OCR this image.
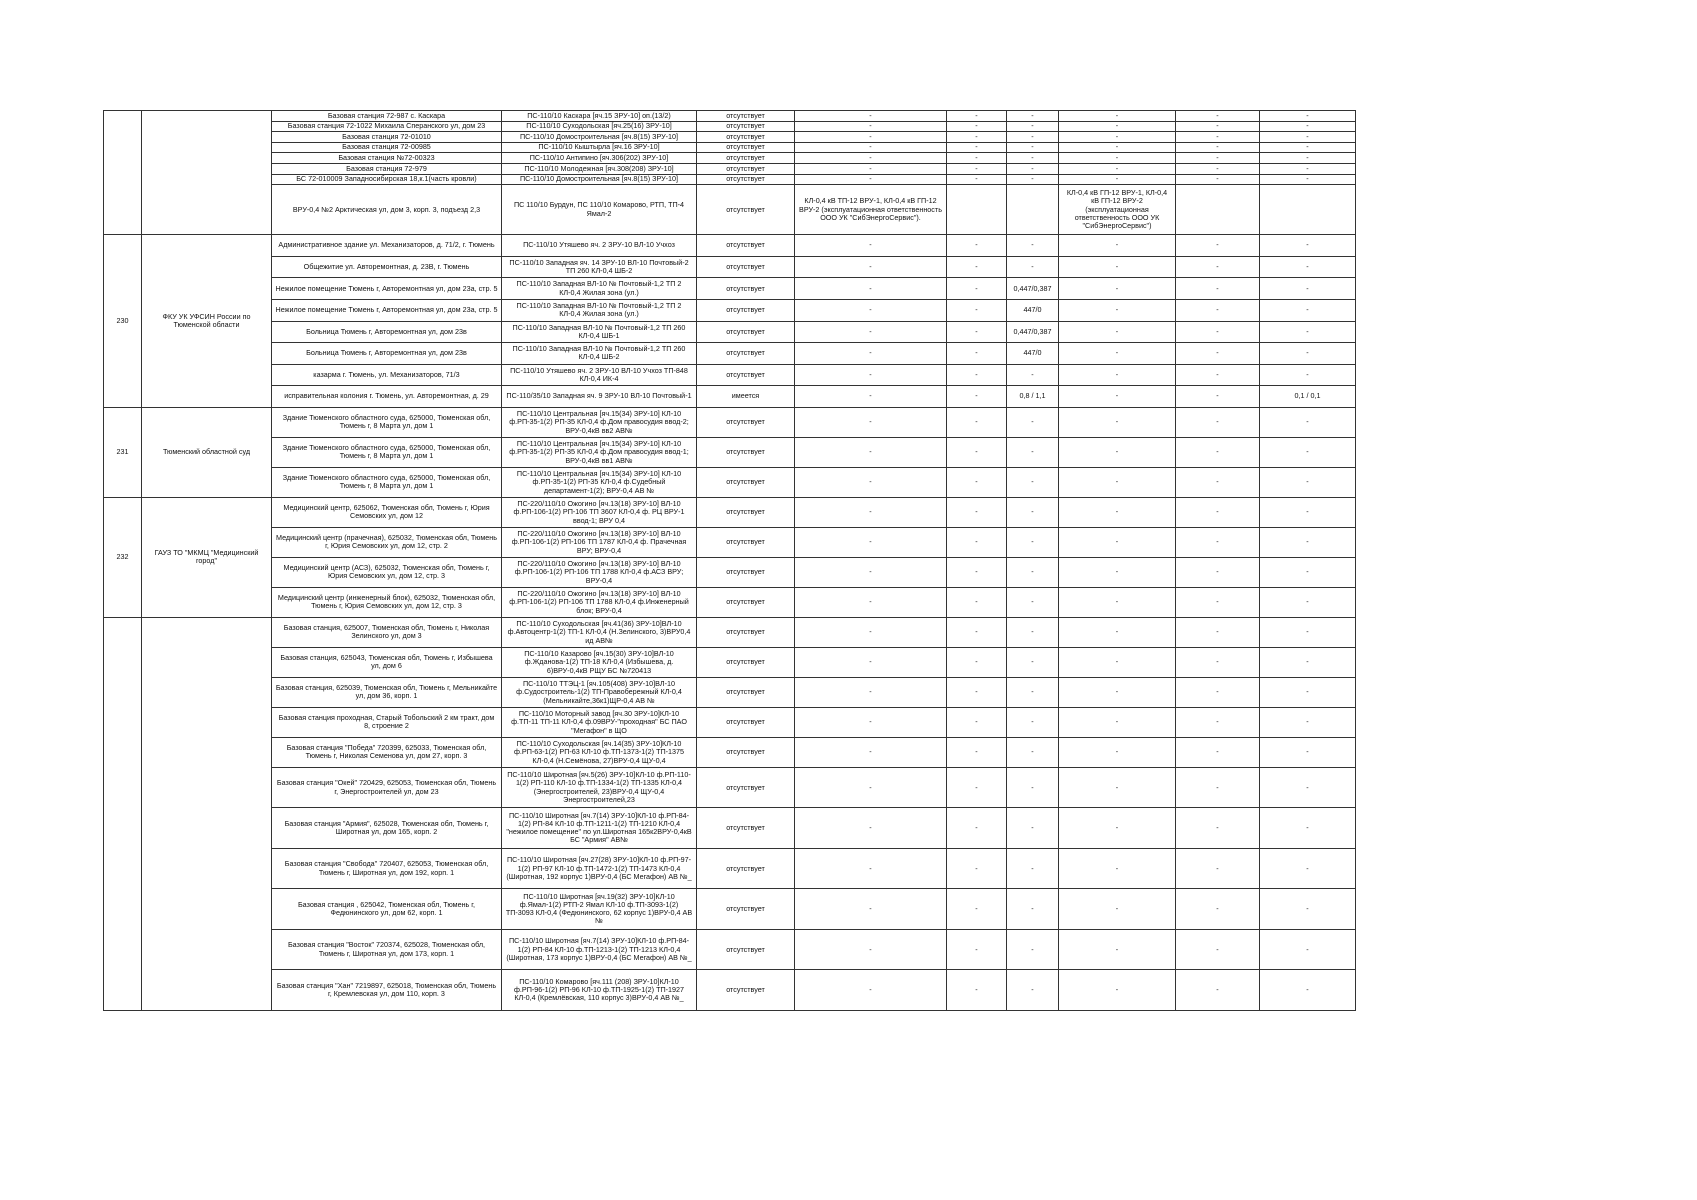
		Базовая станция 72-987 с. Каскара	ПС-110/10 Каскара [яч.15 ЗРУ-10] оп.(13/2)	отсутствует	-	-	-	-	-	-
		Базовая станция 72-1022 Михаила Сперанского ул, дом 23	ПС-110/10 Суходольская [яч.25(16) ЗРУ-10]	отсутствует	-	-	-	-	-	-
		Базовая станция 72-01010	ПС-110/10 Домостроительная [яч.8(15) ЗРУ-10]	отсутствует	-	-	-	-	-	-
		Базовая станция 72-00985	ПС-110/10 Кыштырла [яч.16 ЗРУ-10]	отсутствует	-	-	-	-	-	-
		Базовая станция №72-00323	ПС-110/10 Антипино [яч.306(202) ЗРУ-10]	отсутствует	-	-	-	-	-	-
		Базовая станция 72-979	ПС-110/10 Молодежная [яч.308(208) ЗРУ-10]	отсутствует	-	-	-	-	-	-
		БС 72-010009 Западносибирская 18,к.1(часть кровли)	ПС-110/10 Домостроительная [яч.8(15) ЗРУ-10]	отсутствует	-	-	-	-	-	-
		ВРУ-0,4 №2 Арктическая ул, дом 3, корп. 3, подъезд 2,3	ПС 110/10 Бурдун, ПС 110/10 Комарово, РТП, ТП-4 Ямал-2	отсутствует	КЛ-0,4 кВ ТП-12 ВРУ-1, КЛ-0,4 кВ ГП-12 ВРУ-2 (эксплуатационная ответственность ООО УК "СибЭнергоСервис").			КЛ-0,4 кВ ГП-12 ВРУ-1, КЛ-0,4 кВ ГП-12 ВРУ-2 (эксплуатационная ответственность ООО УК "СибЭнергоСервис")		
230	ФКУ УК УФСИН России по Тюменской области	Административное здание ул. Механизаторов, д. 71/2, г. Тюмень	ПС-110/10 Утяшево яч. 2 ЗРУ-10 ВЛ-10 Учхоз	отсутствует	-	-	-	-	-	-
		Общежитие ул. Авторемонтная, д. 23В, г. Тюмень	ПС-110/10 Западная яч. 14 ЗРУ-10 ВЛ-10 Почтовый-2 ТП 260 КЛ-0,4 ШБ-2	отсутствует	-	-	-	-	-	-
		Нежилое помещение Тюмень г, Авторемонтная ул, дом 23а, стр. 5	ПС-110/10 Западная ВЛ-10 № Почтовый-1,2 ТП 2 КЛ-0,4 Жилая зона (ул.)	отсутствует	-	-	0,447/0,387	-	-	-
		Нежилое помещение Тюмень г, Авторемонтная ул, дом 23а, стр. 5	ПС-110/10 Западная ВЛ-10 № Почтовый-1,2 ТП 2 КЛ-0,4 Жилая зона (ул.)	отсутствует	-	-	447/0	-	-	-
		Больница Тюмень г, Авторемонтная ул, дом 23в	ПС-110/10 Западная ВЛ-10 № Почтовый-1,2 ТП 260 КЛ-0,4 ШБ-1	отсутствует	-	-	0,447/0,387	-	-	-
		Больница Тюмень г, Авторемонтная ул, дом 23в	ПС-110/10 Западная ВЛ-10 № Почтовый-1,2 ТП 260 КЛ-0,4 ШБ-2	отсутствует	-	-	447/0	-	-	-
		казарма г. Тюмень, ул. Механизаторов, 71/3	ПС-110/10 Утяшево яч. 2 ЗРУ-10 ВЛ-10 Учхоз ТП-848 КЛ-0,4 ИК-4	отсутствует	-	-	-	-	-	-
		исправительная колония г. Тюмень, ул. Авторемонтная, д. 29	ПС-110/35/10 Западная яч. 9 ЗРУ-10 ВЛ-10 Почтовый-1	имеется	-	-	0,8 / 1,1	-	-	0,1 / 0,1
231	Тюменский областной суд	Здание Тюменского областного суда, 625000, Тюменская обл, Тюмень г, 8 Марта ул, дом 1	ПС-110/10 Центральная [яч.15(34) ЗРУ-10] КЛ-10 ф.РП-35-1(2) РП-35 КЛ-0,4 ф.Дом правосудия ввод-2; ВРУ-0,4кВ вв2 АВ№	отсутствует	-	-	-	-	-	-
		Здание Тюменского областного суда, 625000, Тюменская обл, Тюмень г, 8 Марта ул, дом 1	ПС-110/10 Центральная [яч.15(34) ЗРУ-10] КЛ-10 ф.РП-35-1(2) РП-35 КЛ-0,4 ф.Дом правосудия ввод-1; ВРУ-0,4кВ вв1 АВ№	отсутствует	-	-	-	-	-	-
		Здание Тюменского областного суда, 625000, Тюменская обл, Тюмень г, 8 Марта ул, дом 1	ПС-110/10 Центральная [яч.15(34) ЗРУ-10] КЛ-10 ф.РП-35-1(2) РП-35 КЛ-0,4 ф.Судебный департамент-1(2); ВРУ-0,4 АВ №	отсутствует	-	-	-	-	-	-
232	ГАУЗ ТО "МКМЦ "Медицинский город"	Медицинский центр, 625062, Тюменская обл, Тюмень г, Юрия Семовских ул, дом 12	ПС-220/110/10 Ожогино [яч.13(18) ЗРУ-10] ВЛ-10 ф.РП-106-1(2) РП-106 ТП 3607 КЛ-0,4 ф. РЦ ВРУ-1 ввод-1; ВРУ 0,4	отсутствует	-	-	-	-	-	-
		Медицинский центр (прачечная), 625032, Тюменская обл, Тюмень г, Юрия Семовских ул, дом 12, стр. 2	ПС-220/110/10 Ожогино [яч.13(18) ЗРУ-10] ВЛ-10 ф.РП-106-1(2) РП-106 ТП 1787 КЛ-0,4 ф. Прачечная ВРУ; ВРУ-0,4	отсутствует	-	-	-	-	-	-
		Медицинский центр (АСЗ), 625032, Тюменская обл, Тюмень г, Юрия Семовских ул, дом 12, стр. 3	ПС-220/110/10 Ожогино [яч.13(18) ЗРУ-10] ВЛ-10 ф.РП-106-1(2) РП-106 ТП 1788 КЛ-0,4 ф.АСЗ ВРУ; ВРУ-0,4	отсутствует	-	-	-	-	-	-
		Медицинский центр (инженерный блок), 625032, Тюменская обл, Тюмень г, Юрия Семовских ул, дом 12, стр. 3	ПС-220/110/10 Ожогино [яч.13(18) ЗРУ-10] ВЛ-10 ф.РП-106-1(2) РП-106 ТП 1788 КЛ-0,4 ф.Инженерный блок; ВРУ-0,4	отсутствует	-	-	-	-	-	-
		Базовая станция, 625007, Тюменская обл, Тюмень г, Николая Зелинского ул, дом 3	ПС-110/10 Суходольская [яч.41(36) ЗРУ-10]ВЛ-10 ф.Автоцентр-1(2) ТП-1 КЛ-0,4 (Н.Зелинского, 3)ВРУ0,4 ид АВ№	отсутствует	-	-	-	-	-	-
		Базовая станция, 625043, Тюменская обл, Тюмень г, Избышева ул, дом 6	ПС-110/10 Казарово [яч.15(30) ЗРУ-10]ВЛ-10 ф.Жданова-1(2) ТП-18 КЛ-0,4 (Избышева, д. 6)ВРУ-0,4кВ РЩУ БС №720413	отсутствует	-	-	-	-	-	-
		Базовая станция, 625039, Тюменская обл, Тюмень г, Мельникайте ул, дом 36, корп. 1	ПС-110/10 ТТЭЦ-1 [яч.105(408) ЗРУ-10]ВЛ-10 ф.Судостроитель-1(2) ТП-Правобережный КЛ-0,4 (Мельникайте,36к1)ЩР-0,4 АВ №	отсутствует	-	-	-	-	-	-
		Базовая станция проходная, Старый Тобольский 2 км тракт, дом 8, строение 2	ПС-110/10 Моторный завод [яч.30 ЗРУ-10]КЛ-10 ф.ТП-11 ТП-11 КЛ-0,4 ф.09ВРУ-"проходная" БС ПАО "Мегафон" в ЩО	отсутствует	-	-	-	-	-	-
		Базовая станция "Победа" 720399, 625033, Тюменская обл, Тюмень г, Николая Семенова ул, дом 27, корп. 3	ПС-110/10 Суходольская [яч.14(35) ЗРУ-10]КЛ-10 ф.РП-63-1(2) РП-63 КЛ-10 ф.ТП-1373-1(2) ТП-1375 КЛ-0,4 (Н.Семёнова, 27)ВРУ-0,4 ЩУ-0,4	отсутствует	-	-	-	-	-	-
		Базовая станция "Окей" 720429, 625053, Тюменская обл, Тюмень г, Энергостроителей ул, дом 23	ПС-110/10 Широтная [яч.5(26) ЗРУ-10]КЛ-10 ф.РП-110-1(2) РП-110 КЛ-10 ф.ТП-1334-1(2) ТП-1335 КЛ-0,4 (Энергостроителей, 23)ВРУ-0,4 ЩУ-0,4 Энергостроителей,23	отсутствует	-	-	-	-	-	-
		Базовая станция "Армия", 625028, Тюменская обл, Тюмень г, Широтная ул, дом 165, корп. 2	ПС-110/10 Широтная [яч.7(14) ЗРУ-10]КЛ-10 ф.РП-84-1(2) РП-84 КЛ-10 ф.ТП-1211-1(2) ТП-1210 КЛ-0,4 "нежилое помещение" по ул.Широтная 165к2ВРУ-0,4кВ БС "Армия" АВ№	отсутствует	-	-	-	-	-	-
		Базовая станция "Свобода" 720407, 625053, Тюменская обл, Тюмень г, Широтная ул, дом 192, корп. 1	ПС-110/10 Широтная [яч.27(28) ЗРУ-10]КЛ-10 ф.РП-97-1(2) РП-97 КЛ-10 ф.ТП-1472-1(2) ТП-1473 КЛ-0,4 (Широтная, 192 корпус 1)ВРУ-0,4 (БС Мегафон) АВ №_	отсутствует	-	-	-	-	-	-
		Базовая станция , 625042, Тюменская обл, Тюмень г, Федюнинского ул, дом 62, корп. 1	ПС-110/10 Широтная [яч.19(32) ЗРУ-10]КЛ-10 ф.Ямал-1(2) РТП-2 Ямал КЛ-10 ф.ТП-3093-1(2) ТП-3093 КЛ-0,4 (Федюнинского, 62 корпус 1)ВРУ-0,4 АВ №	отсутствует	-	-	-	-	-	-
		Базовая станция "Восток" 720374, 625028, Тюменская обл, Тюмень г, Широтная ул, дом 173, корп. 1	ПС-110/10 Широтная [яч.7(14) ЗРУ-10]КЛ-10 ф.РП-84-1(2) РП-84 КЛ-10 ф.ТП-1213-1(2) ТП-1213 КЛ-0,4 (Широтная, 173 корпус 1)ВРУ-0,4 (БС Мегафон) АВ №_	отсутствует	-	-	-	-	-	-
		Базовая станция "Хан" 7219897, 625018, Тюменская обл, Тюмень г, Кремлевская ул, дом 110, корп. 3	ПС-110/10 Комарово [яч.111 (208) ЗРУ-10]КЛ-10 ф.РП-96-1(2) РП-96 КЛ-10 ф.ТП-1925-1(2) ТП-1927 КЛ-0,4 (Кремлёвская, 110 корпус 3)ВРУ-0,4 АВ №_	отсутствует	-	-	-	-	-	-
